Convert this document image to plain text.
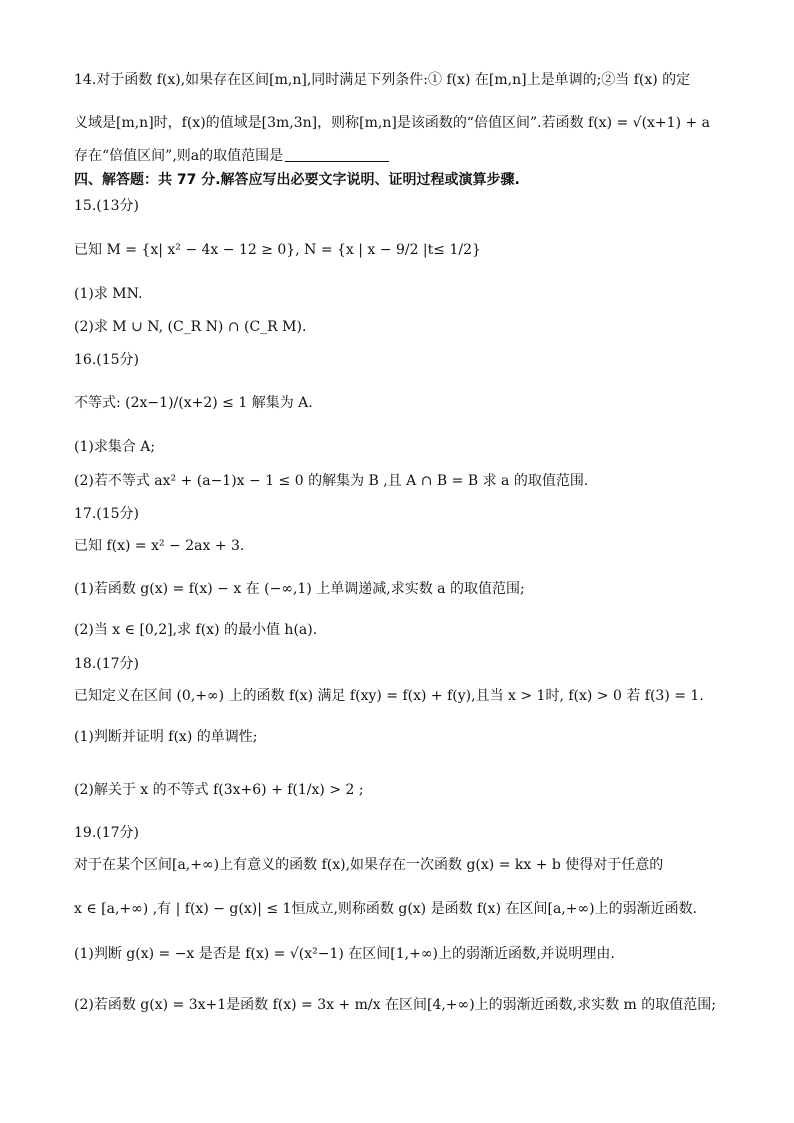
14.对于函数 f(x),如果存在区间[m,n],同时满足下列条件:① f(x) 在[m,n]上是单调的;②当 f(x) 的定
义域是[m,n]时，f(x)的值域是[3m,3n]，则称[m,n]是该函数的“倍值区间”.若函数 f(x) = √(x+1) + a
存在“倍值区间”,则a的取值范围是
四、解答题：共 77 分.解答应写出必要文字说明、证明过程或演算步骤.
15.(13分)
已知 M = {x| x² − 4x − 12 ≥ 0}, N = {x | x − 9/2 |t≤ 1/2}
(1)求 MN.
(2)求 M ∪ N, (C_R N) ∩ (C_R M).
16.(15分)
不等式: (2x−1)/(x+2) ≤ 1 解集为 A.
(1)求集合 A;
(2)若不等式 ax² + (a−1)x − 1 ≤ 0 的解集为 B ,且 A ∩ B = B 求 a 的取值范围.
17.(15分)
已知 f(x) = x² − 2ax + 3.
(1)若函数 g(x) = f(x) − x 在 (−∞,1) 上单调递减,求实数 a 的取值范围;
(2)当 x ∈ [0,2],求 f(x) 的最小值 h(a).
18.(17分)
已知定义在区间 (0,+∞) 上的函数 f(x) 满足 f(xy) = f(x) + f(y),且当 x > 1时, f(x) > 0 若 f(3) = 1.
(1)判断并证明 f(x) 的单调性;
(2)解关于 x 的不等式 f(3x+6) + f(1/x) > 2 ;
19.(17分)
对于在某个区间[a,+∞)上有意义的函数 f(x),如果存在一次函数 g(x) = kx + b 使得对于任意的
x ∈ [a,+∞) ,有 | f(x) − g(x)| ≤ 1恒成立,则称函数 g(x) 是函数 f(x) 在区间[a,+∞)上的弱渐近函数.
(1)判断 g(x) = −x 是否是 f(x) = √(x²−1) 在区间[1,+∞)上的弱渐近函数,并说明理由.
(2)若函数 g(x) = 3x+1是函数 f(x) = 3x + m/x 在区间[4,+∞)上的弱渐近函数,求实数 m 的取值范围;
